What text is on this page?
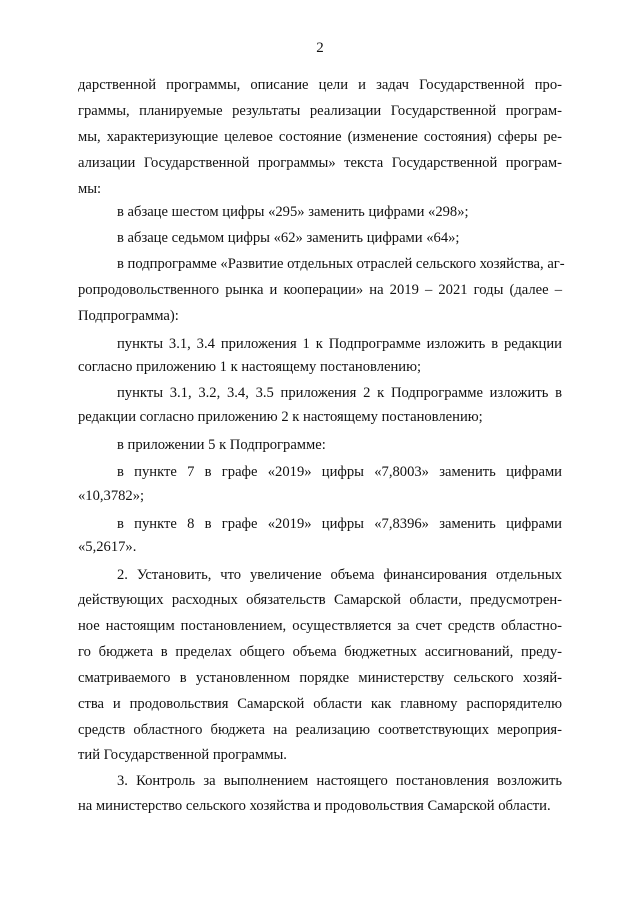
2
дарственной программы, описание цели и задач Государственной про-
граммы, планируемые результаты реализации Государственной програм-
мы, характеризующие целевое состояние (изменение состояния) сферы ре-
ализации Государственной программы» текста Государственной програм-
мы:
в абзаце шестом цифры «295» заменить цифрами «298»;
в абзаце седьмом цифры «62» заменить цифрами «64»;
в подпрограмме «Развитие отдельных отраслей сельского хозяйства, аг-
ропродовольственного рынка и кооперации» на 2019 – 2021 годы (далее –
Подпрограмма):
пункты 3.1, 3.4 приложения 1 к Подпрограмме изложить в редакции
согласно приложению 1 к настоящему постановлению;
пункты 3.1, 3.2, 3.4, 3.5 приложения 2 к Подпрограмме изложить в
редакции согласно приложению 2 к настоящему постановлению;
в приложении 5 к Подпрограмме:
в пункте 7 в графе «2019» цифры «7,8003» заменить цифрами
«10,3782»;
в пункте 8 в графе «2019» цифры «7,8396» заменить цифрами
«5,2617».
2. Установить, что увеличение объема финансирования отдельных
действующих расходных обязательств Самарской области, предусмотрен-
ное настоящим постановлением, осуществляется за счет средств областно-
го бюджета в пределах общего объема бюджетных ассигнований, преду-
сматриваемого в установленном порядке министерству сельского хозяй-
ства и продовольствия Самарской области как главному распорядителю
средств областного бюджета на реализацию соответствующих мероприя-
тий Государственной программы.
3. Контроль за выполнением настоящего постановления возложить
на министерство сельского хозяйства и продовольствия Самарской области.
